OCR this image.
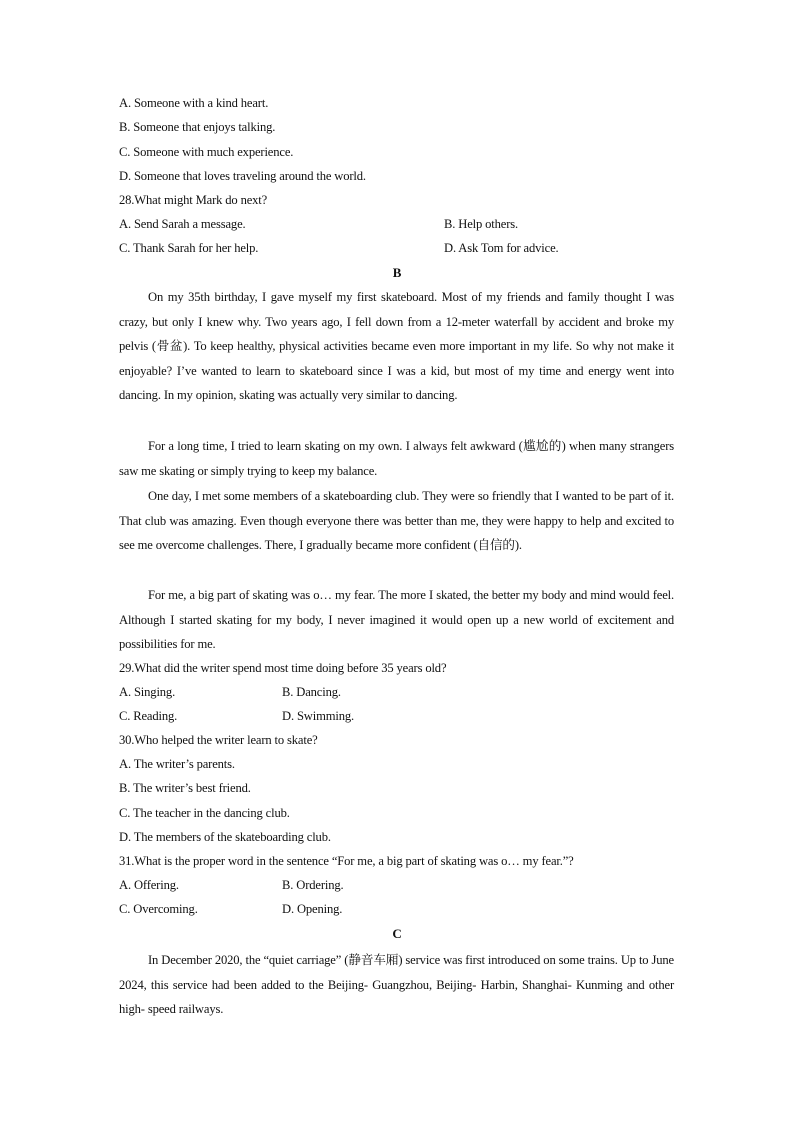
A. Someone with a kind heart.
B. Someone that enjoys talking.
C. Someone with much experience.
D. Someone that loves traveling around the world.
28.What might Mark do next?
A. Send Sarah a message.	B. Help others.
C. Thank Sarah for her help.	D. Ask Tom for advice.
B
On my 35th birthday, I gave myself my first skateboard. Most of my friends and family thought I was crazy, but only I knew why. Two years ago, I fell down from a 12-meter waterfall by accident and broke my pelvis (骨盆). To keep healthy, physical activities became even more important in my life. So why not make it enjoyable? I’ve wanted to learn to skateboard since I was a kid, but most of my time and energy went into dancing. In my opinion, skating was actually very similar to dancing.
For a long time, I tried to learn skating on my own. I always felt awkward (尴尬的) when many strangers saw me skating or simply trying to keep my balance.
One day, I met some members of a skateboarding club. They were so friendly that I wanted to be part of it. That club was amazing. Even though everyone there was better than me, they were happy to help and excited to see me overcome challenges. There, I gradually became more confident (自信的).
For me, a big part of skating was o… my fear. The more I skated, the better my body and mind would feel. Although I started skating for my body, I never imagined it would open up a new world of excitement and possibilities for me.
29.What did the writer spend most time doing before 35 years old?
A. Singing.	B. Dancing.
C. Reading.	D. Swimming.
30.Who helped the writer learn to skate?
A. The writer’s parents.
B. The writer’s best friend.
C. The teacher in the dancing club.
D. The members of the skateboarding club.
31.What is the proper word in the sentence “For me, a big part of skating was o… my fear.”?
A. Offering.	B. Ordering.
C. Overcoming.	D. Opening.
C
In December 2020, the “quiet carriage” (静音车厢) service was first introduced on some trains. Up to June 2024, this service had been added to the Beijing- Guangzhou, Beijing- Harbin, Shanghai- Kunming and other high- speed railways.
